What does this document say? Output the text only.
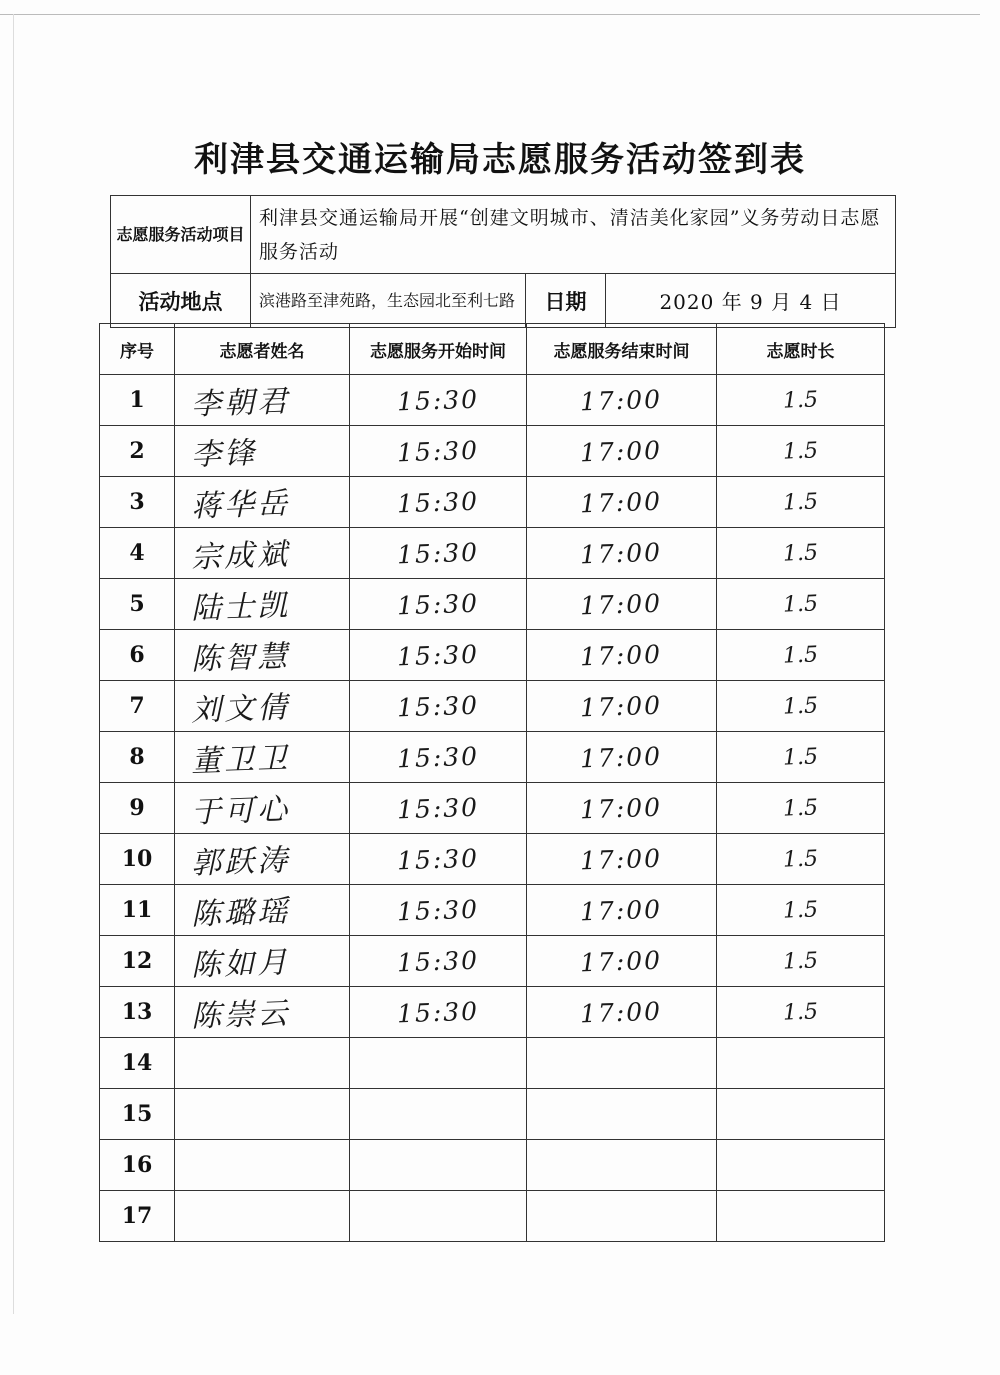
利津县交通运输局志愿服务活动签到表
志愿服务活动项目	利津县交通运输局开展“创建文明城市、清洁美化家园”义务劳动日志愿服务活动		
活动地点	滨港路至津苑路，生态园北至利七路	日期	2020 年 9 月 4 日
序号	志愿者姓名	志愿服务开始时间	志愿服务结束时间	志愿时长
1	李朝君	15:30	17:00	1.5
2	李锋	15:30	17:00	1.5
3	蒋华岳	15:30	17:00	1.5
4	宗成斌	15:30	17:00	1.5
5	陆士凯	15:30	17:00	1.5
6	陈智慧	15:30	17:00	1.5
7	刘文倩	15:30	17:00	1.5
8	董卫卫	15:30	17:00	1.5
9	于可心	15:30	17:00	1.5
10	郭跃涛	15:30	17:00	1.5
11	陈璐瑶	15:30	17:00	1.5
12	陈如月	15:30	17:00	1.5
13	陈崇云	15:30	17:00	1.5
14				
15				
16				
17				
